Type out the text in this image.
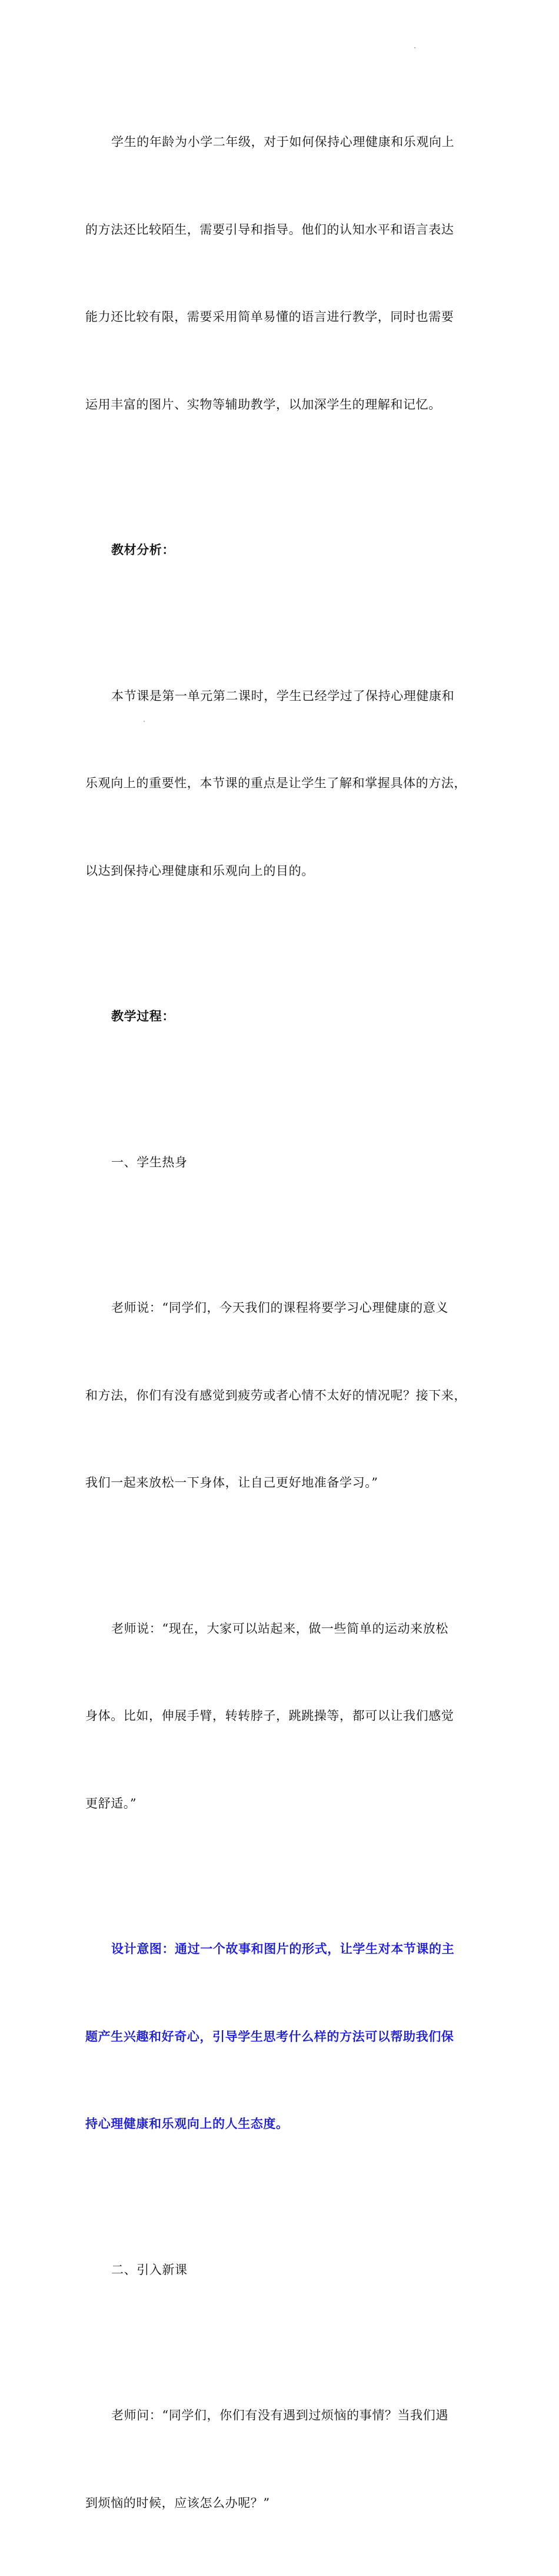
学生的年龄为小学二年级，对于如何保持心理健康和乐观向上

的方法还比较陌生，需要引导和指导。他们的认知水平和语言表达

能力还比较有限，需要采用简单易懂的语言进行教学，同时也需要

运用丰富的图片、实物等辅助教学，以加深学生的理解和记忆。

教材分析：

本节课是第一单元第二课时，学生已经学过了保持心理健康和

乐观向上的重要性，本节课的重点是让学生了解和掌握具体的方法，

以达到保持心理健康和乐观向上的目的。

教学过程：

一、学生热身

老师说：“同学们，今天我们的课程将要学习心理健康的意义

和方法，你们有没有感觉到疲劳或者心情不太好的情况呢？接下来，

我们一起来放松一下身体，让自己更好地准备学习。”

老师说：“现在，大家可以站起来，做一些简单的运动来放松

身体。比如，伸展手臂，转转脖子，跳跳操等，都可以让我们感觉

更舒适。”

设计意图：通过一个故事和图片的形式，让学生对本节课的主

题产生兴趣和好奇心，引导学生思考什么样的方法可以帮助我们保

持心理健康和乐观向上的人生态度。

二、引入新课

老师问：“同学们，你们有没有遇到过烦恼的事情？当我们遇

到烦恼的时候，应该怎么办呢？”
